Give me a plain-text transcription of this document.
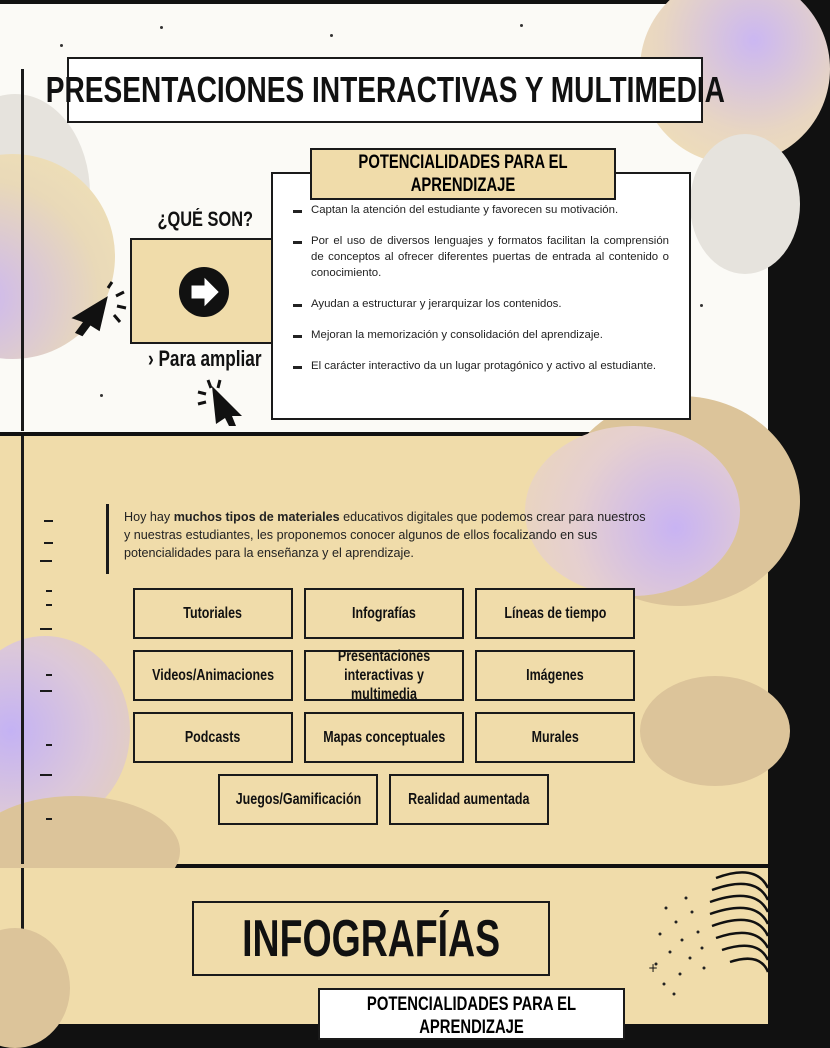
PRESENTACIONES INTERACTIVAS Y MULTIMEDIA
Captan la atención del estudiante y favorecen su motivación.
Por el uso de diversos lenguajes y formatos facilitan la comprensión de conceptos al ofrecer diferentes puertas de entrada al contenido o conocimiento.
Ayudan a estructurar y jerarquizar los contenidos.
Mejoran la memorización y consolidación del aprendizaje.
El carácter interactivo da un lugar protagónico y activo al estudiante.
POTENCIALIDADES PARA EL APRENDIZAJE
¿QUÉ SON?
› Para ampliar
Hoy hay muchos tipos de materiales educativos digitales que podemos crear para nuestros y nuestras estudiantes, les proponemos conocer algunos de ellos focalizando en sus potencialidades para la enseñanza y el aprendizaje.
Tutoriales	Infografías	Líneas de tiempo
Videos/Animaciones
Presentaciones interactivas y multimedia
Imágenes
Podcasts	Mapas conceptuales	Murales
Juegos/Gamificación	Realidad aumentada
+
INFOGRAFÍAS
POTENCIALIDADES PARA EL APRENDIZAJE
